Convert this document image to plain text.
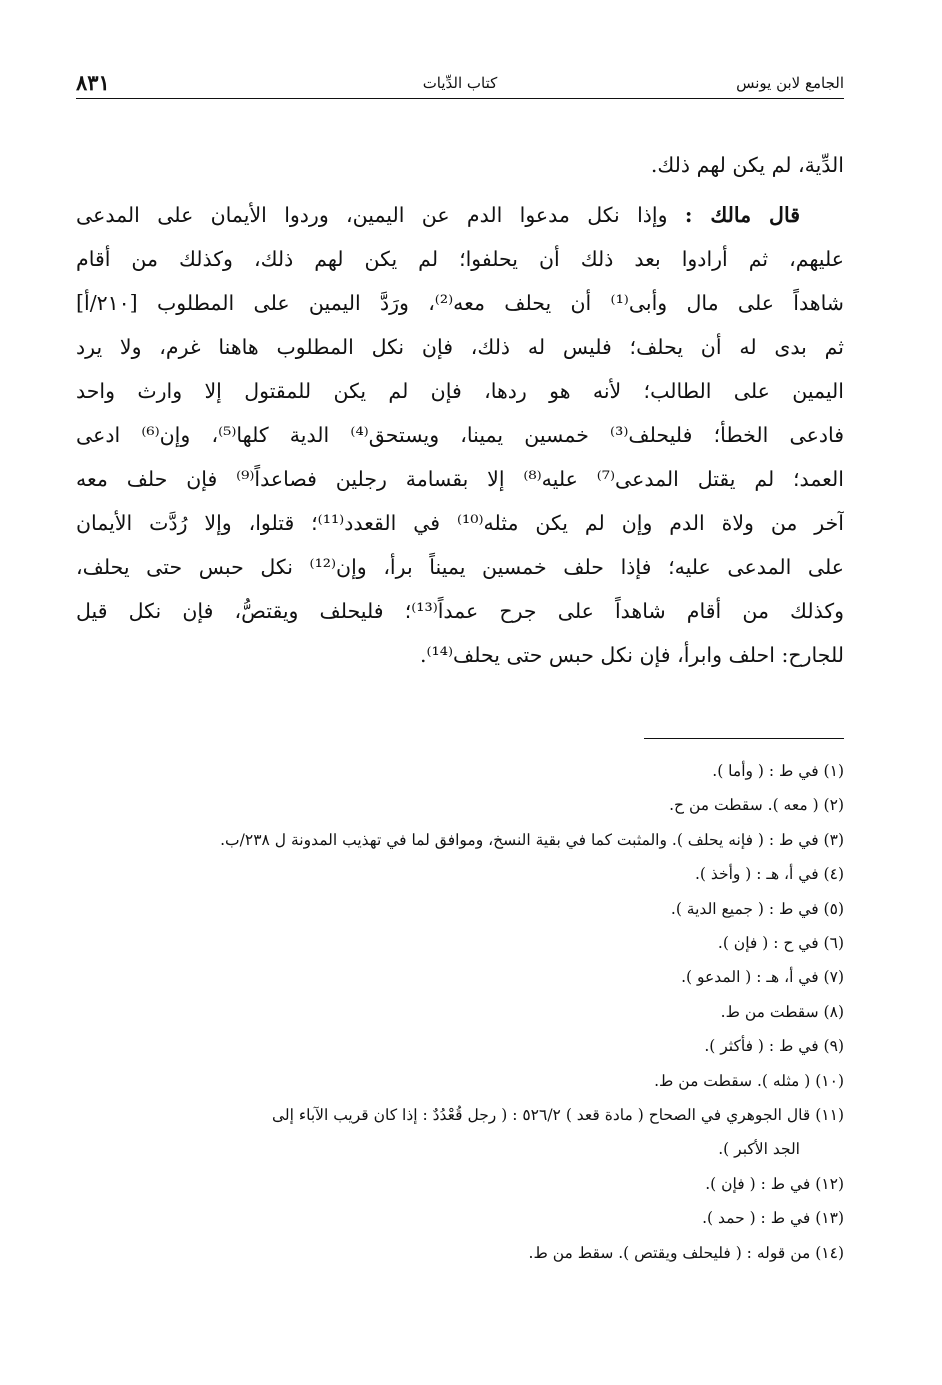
الجامع لابن يونس
كتاب الدِّيات
٨٣١
الدِّية، لم يكن لهم ذلك.
قال مالك : وإذا نكل مدعوا الدم عن اليمين، وردوا الأيمان على المدعى
عليهم، ثم أرادوا بعد ذلك أن يحلفوا؛ لم يكن لهم ذلك، وكذلك من أقام
شاهداً على مال وأبى⁽¹⁾ أن يحلف معه⁽²⁾، ورَدَّ اليمين على المطلوب [٢١٠/أ]
ثم بدى له أن يحلف؛ فليس له ذلك، فإن نكل المطلوب هاهنا غرم، ولا يرد
اليمين على الطالب؛ لأنه هو ردها، فإن لم يكن للمقتول إلا وارث واحد
فادعى الخطأ؛ فليحلف⁽³⁾ خمسين يمينا، ويستحق⁽⁴⁾ الدية كلها⁽⁵⁾، وإن⁽⁶⁾ ادعى
العمد؛ لم يقتل المدعى⁽⁷⁾ عليه⁽⁸⁾ إلا بقسامة رجلين فصاعداً⁽⁹⁾ فإن حلف معه
آخر من ولاة الدم وإن لم يكن مثله⁽¹⁰⁾ في القعدد⁽¹¹⁾؛ قتلوا، وإلا رُدَّت الأيمان
على المدعى عليه؛ فإذا حلف خمسين يميناً برأ، وإن⁽¹²⁾ نكل حبس حتى يحلف،
وكذلك من أقام شاهداً على جرح عمداً⁽¹³⁾؛ فليحلف ويقتصُّ، فإن نكل قيل
للجارح: احلف وابرأ، فإن نكل حبس حتى يحلف⁽¹⁴⁾.
(١) في ط : ( وأما ).
(٢) ( معه ). سقطت من ح.
(٣) في ط : ( فإنه يحلف ). والمثبت كما في بقية النسخ، وموافق لما في تهذيب المدونة ل ٢٣٨/ب.
(٤) في أ، هـ : ( وأخذ ).
(٥) في ط : ( جميع الدية ).
(٦) في ح : ( فإن ).
(٧) في أ، هـ : ( المدعو ).
(٨) سقطت من ط.
(٩) في ط : ( فأكثر ).
(١٠) ( مثله ). سقطت من ط.
(١١) قال الجوهري في الصحاح ( مادة قعد ) ٥٢٦/٢ : ( رجل قُعْدُدٌ : إذا كان قريب الآباء إلى
الجد الأكبر ).
(١٢) في ط : ( فإن ).
(١٣) في ط : ( حمد ).
(١٤) من قوله : ( فليحلف ويقتص ). سقط من ط.
